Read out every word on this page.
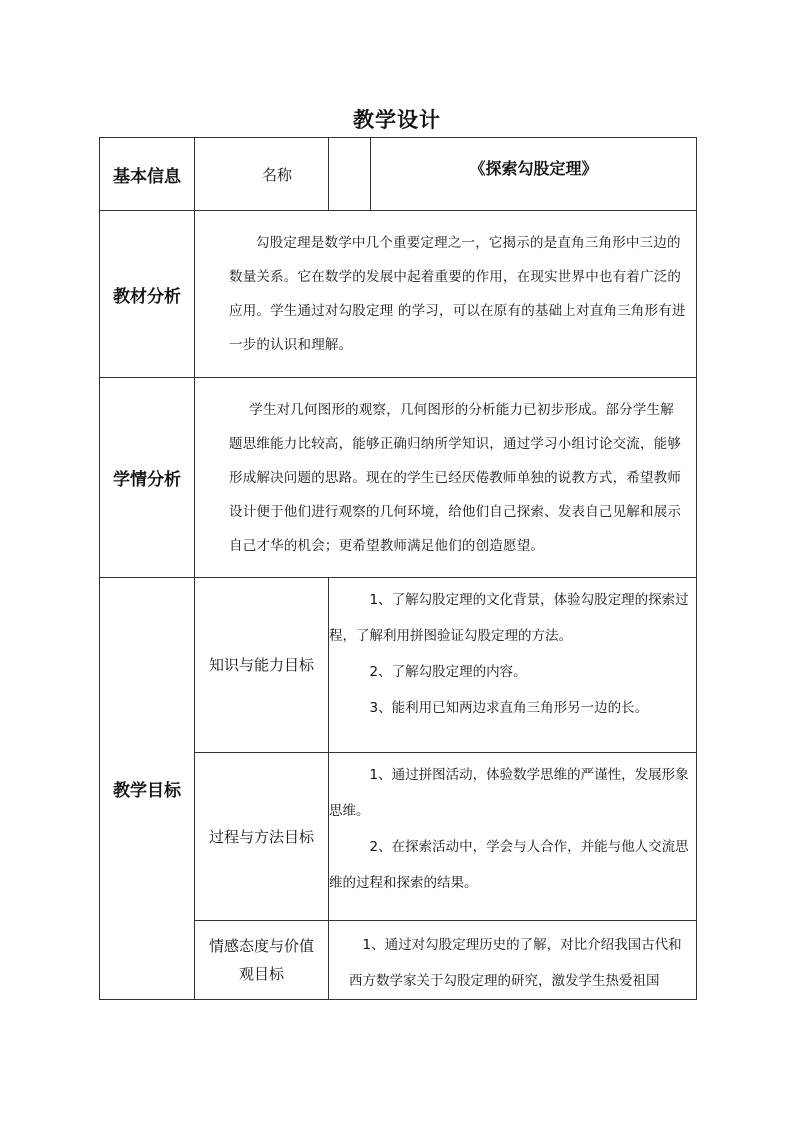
教学设计
基本信息	名称		《探索勾股定理》
教材分析	勾股定理是数学中几个重要定理之一，它揭示的是直角三角形中三边的数量关系。它在数学的发展中起着重要的作用，在现实世界中也有着广泛的应用。学生通过对勾股定理 的学习，可以在原有的基础上对直角三角形有进一步的认识和理解。		

学情分析	学生对几何图形的观察，几何图形的分析能力已初步形成。部分学生解题思维能力比较高，能够正确归纳所学知识，通过学习小组讨论交流，能够形成解决问题的思路。现在的学生已经厌倦教师单独的说教方式，希望教师设计便于他们进行观察的几何环境，给他们自己探索、发表自己见解和展示自己才华的机会；更希望教师满足他们的创造愿望。		

教学目标	知识与能力目标	1、了解勾股定理的文化背景，体验勾股定理的探索过程，了解利用拼图验证勾股定理的方法。

2、了解勾股定理的内容。

3、能利用已知两边求直角三角形另一边的长。	

	过程与方法目标	1、通过拼图活动，体验数学思维的严谨性，发展形象思维。

2、在探索活动中，学会与人合作，并能与他人交流思维的过程和探索的结果。	

	情感态度与价值观目标	1、通过对勾股定理历史的了解，对比介绍我国古代和西方数学家关于勾股定理的研究，激发学生热爱祖国	
